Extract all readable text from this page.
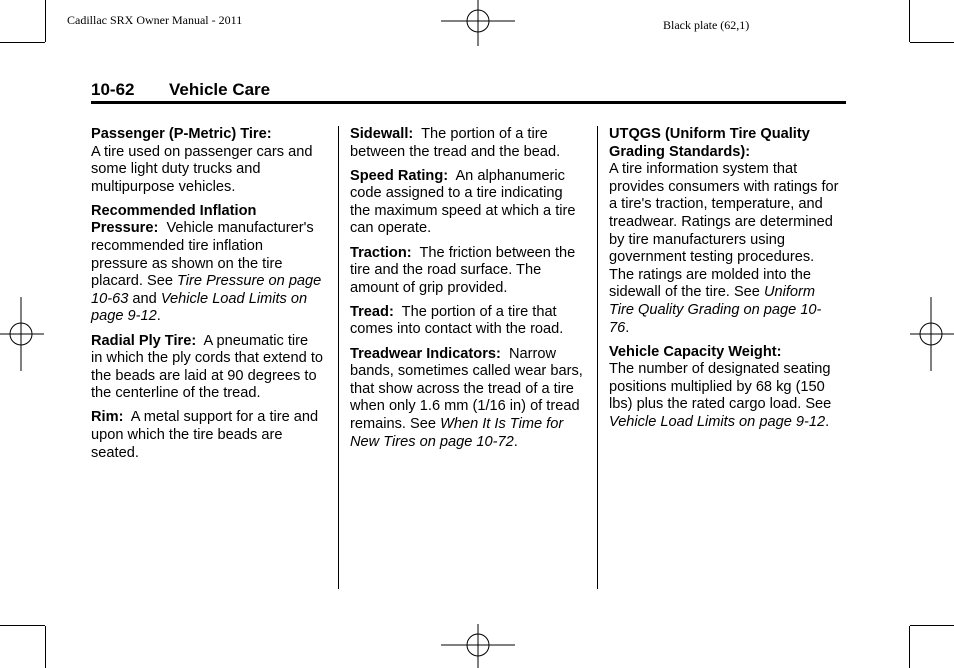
Cadillac SRX Owner Manual - 2011	Black plate (62,1)
10-62 Vehicle Care

Passenger (P-Metric) Tire:
A tire used on passenger cars and some light duty trucks and multipurpose vehicles.

Recommended Inflation Pressure: Vehicle manufacturer's recommended tire inflation pressure as shown on the tire placard. See Tire Pressure on page 10-63 and Vehicle Load Limits on page 9-12.

Radial Ply Tire: A pneumatic tire in which the ply cords that extend to the beads are laid at 90 degrees to the centerline of the tread.

Rim: A metal support for a tire and upon which the tire beads are seated.

Sidewall: The portion of a tire between the tread and the bead.

Speed Rating: An alphanumeric code assigned to a tire indicating the maximum speed at which a tire can operate.

Traction: The friction between the tire and the road surface. The amount of grip provided.

Tread: The portion of a tire that comes into contact with the road.

Treadwear Indicators: Narrow bands, sometimes called wear bars, that show across the tread of a tire when only 1.6 mm (1/16 in) of tread remains. See When It Is Time for New Tires on page 10-72.

UTQGS (Uniform Tire Quality Grading Standards):
A tire information system that provides consumers with ratings for a tire's traction, temperature, and treadwear. Ratings are determined by tire manufacturers using government testing procedures. The ratings are molded into the sidewall of the tire. See Uniform Tire Quality Grading on page 10-76.

Vehicle Capacity Weight:
The number of designated seating positions multiplied by 68 kg (150 lbs) plus the rated cargo load. See Vehicle Load Limits on page 9-12.
